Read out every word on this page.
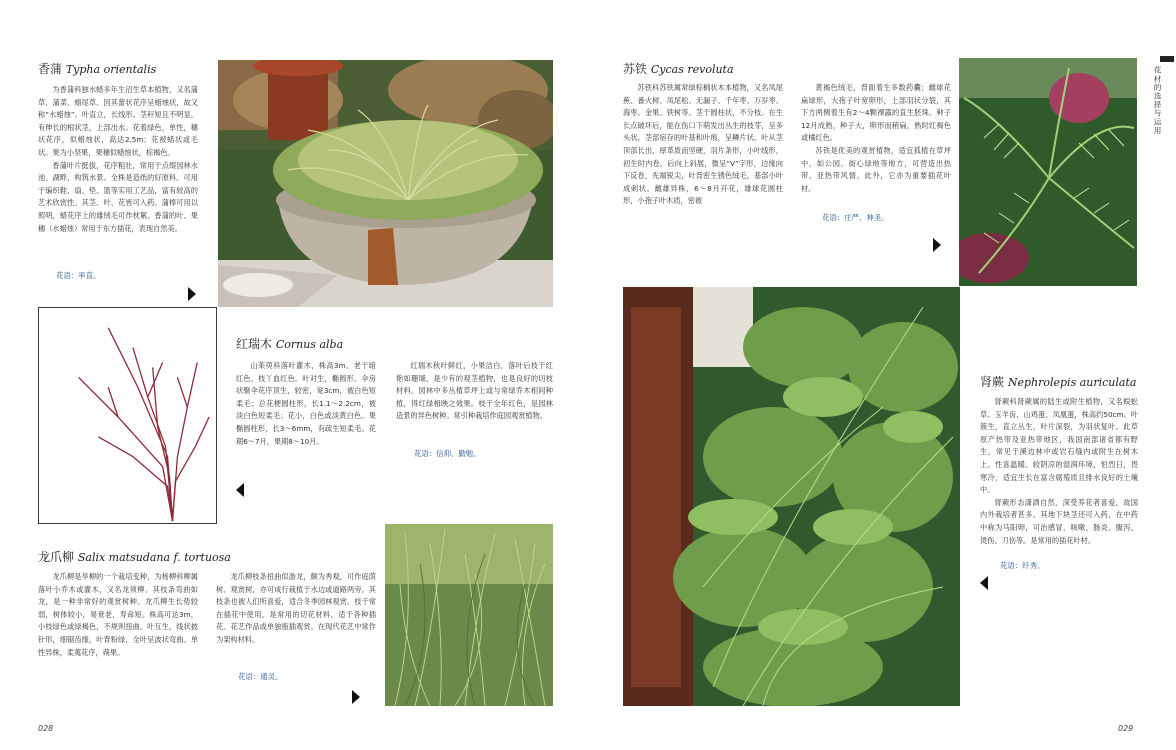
香蒲 Typha orientalis

为香蒲科独水蜡多年生沼生草本植物，又名蒲草、蒲菜、蜡尾草。因其蕾状花序呈蜡烛状，故又称“水蜡烛”。叶直立，长线形。茎秆短且不明显，有伸长的根状茎，上部出水。花着绿色，单性，穗状花序，似蜡烛状，高达2.5m；花被蜡状或毛状。果为小坚果，果穗似蜡烛状，棕褐色。

香蒲叶片挺拔，花序粗壮，常用于点缀园林水池、湖畔，构筑水景。全株是造纸的好原料。可用于编织鞋、扇、垫、篮等实用工艺品，富有较高的艺术欣赏性。其茎、叶、花皆可入药。蒲棒可用以照明，蜡花序上的雄绒毛可作枕絮。香蒲的叶、果穗（水蜡烛）常用于东方插花，表现自然美。

花语：率直。
红瑞木 Cornus alba

山茱萸科落叶灌木，株高3m。老干暗红色，枝丫血红色。叶对生，椭圆形。伞房状聚伞花序顶生，较密，宽3cm，被白色短柔毛；总花梗圆柱形，长1.1～2.2cm，被淡白色短柔毛；花小，白色或淡黄白色。果椭圆柱形，长3～6mm，有疏生短柔毛。花期6～7月，果期8～10月。

红瑞木秋叶鲜红，小果洁白，落叶后枝干红艳如珊瑚，是少有的观茎植物，也是良好的切枝材料。园林中多丛植草坪上或与常绿乔木相间种植，得红绿相映之效果。枝干全年红色，是园林造景的异色树种。常引种栽培作庭园观赏植物。

花语：信仰、勤勉。
龙爪柳 Salix matsudana f. tortuosa

龙爪柳是旱柳的一个栽培变种，为杨柳科柳属落叶小乔木或灌木，又名龙须柳。其枝条弯曲如龙，是一种非常好的观赏树种。龙爪柳生长势较弱，树体较小，易衰老，寿命短。株高可达3m，小枝绿色或绿褐色，不规则扭曲。叶互生，线状披针形，细锯齿缘，叶背粉绿，全叶呈波状弯曲。单性异株，柔荑花序，蒴果。

龙爪柳枝条扭曲似游龙，颇为秀观，可作庭荫树、观赏树，亦可成行栽植于水边或道路两旁。其枝条也被人们所喜爱，适合冬季园林观赏。枝干常在插花中使用，是常用的切花材料，适于各种插花、花艺作品或单独瓶插观赏。在现代花艺中常作为架构材料。

花语：通灵。
028
苏铁 Cycas revoluta

苏铁科苏铁属常绿棕榈状木本植物，又名凤尾蕉、番火树、凤尾松、无漏子、千年枣、万岁枣、海枣、金果、铁树等。茎干圆柱状，不分枝。在生长点破坏后，能在伤口下萌发出丛生的枝芽，呈多头状。茎部宿存的叶基和叶痕，呈鳞片状。叶从茎顶部长出，厚革质而坚硬，羽片条形，小叶线形，初生时内卷，后向上斜展，微呈“V”字形，边缘向下反卷，先端锐尖，叶背密生锈色绒毛，基部小叶成刺状。雌雄异株，6～8月开花，雄球花圆柱形，小孢子叶木质，密被

黄褐色绒毛，背面着生多数药囊；雌球花扁球形，大孢子叶宽卵形，上部羽状分裂，其下方两侧着生有2～4颗裸露的直生胚珠。种子12月成熟，种子大，卵形而稍扁，熟时红褐色或橘红色。

苏铁是优美的观赏植物，适宜孤植在草坪中，如公园、街心绿地等地方，可营造出热带、亚热带风情。此外，它亦为重要插花叶材。

花语：庄严、神圣。
肾蕨 Nephrolepis auriculata

肾蕨科肾蕨属的陆生或附生植物，又名蜈蚣草、玉羊齿、山鸡蛋、凤凰蛋，株高约50cm。叶簇生，直立丛生，叶片深裂，为羽状复叶。此草原产热带及亚热带地区，我国南部诸省都有野生，常见于溪边林中或岩石缝内或附生在树木上。性喜温暖、较阴凉的湿润环境，怕烈日，畏寒冷，适宜生长在富含腐殖质且排水良好的土壤中。

肾蕨形态潇洒自然，深受养花者喜爱，故国内外栽培者甚多。其地下块茎还可入药，在中药中称为马阳卵，可治感冒、咳嗽、肠炎、腹泻、烫伤、刀伤等。是常用的插花叶材。

花语：纤秀。
029
花材的选择与运用
